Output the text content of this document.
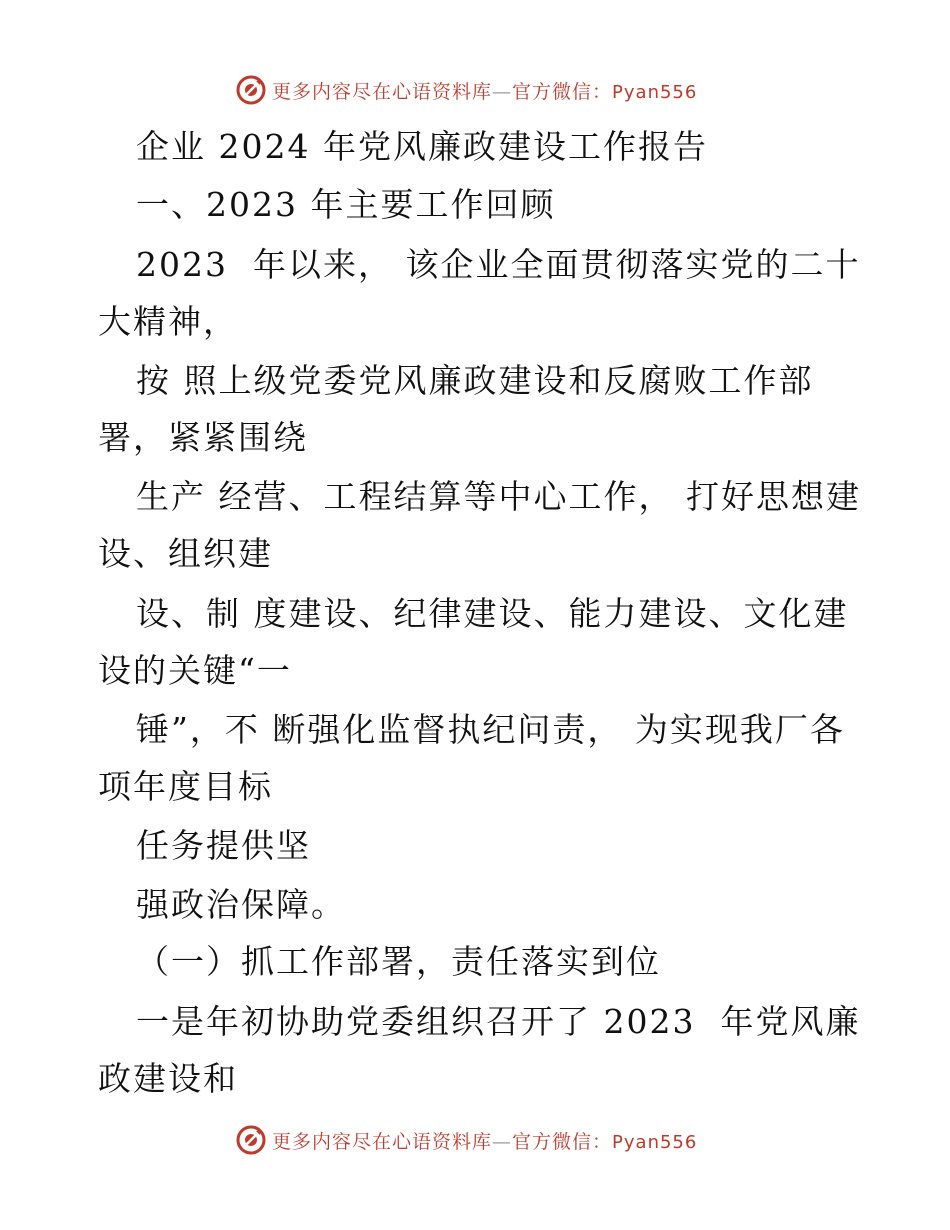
更多内容尽在心语资料库—官方微信：Pyan556
企业 2024 年党风廉政建设工作报告
一、2023 年主要工作回顾
2023  年以来， 该企业全面贯彻落实党的二十
大精神，
按 照上级党委党风廉政建设和反腐败工作部
署，紧紧围绕
生产 经营、工程结算等中心工作， 打好思想建
设、组织建
设、制 度建设、纪律建设、能力建设、文化建
设的关键“一
锤”，不 断强化监督执纪问责， 为实现我厂各
项年度目标
任务提供坚
强政治保障。
（一）抓工作部署，责任落实到位
一是年初协助党委组织召开了 2023  年党风廉
政建设和
更多内容尽在心语资料库—官方微信：Pyan556
